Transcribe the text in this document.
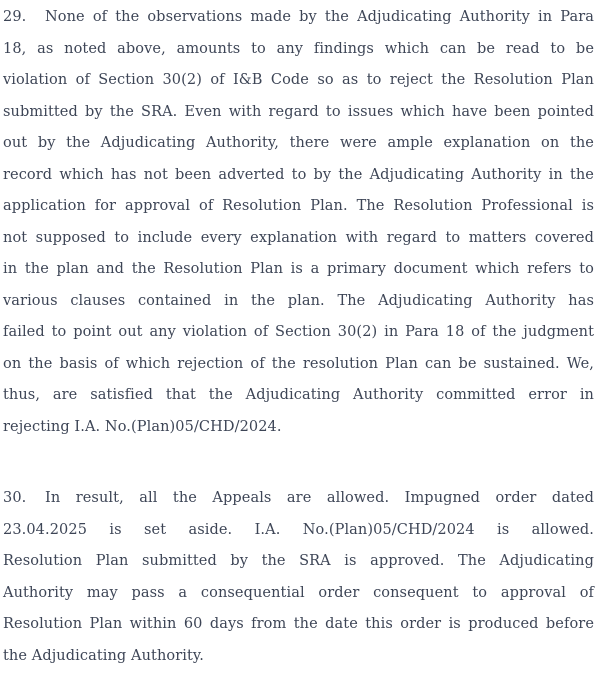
29. None of the observations made by the Adjudicating Authority in Para
18, as noted above, amounts to any findings which can be read to be
violation of Section 30(2) of I&B Code so as to reject the Resolution Plan
submitted by the SRA. Even with regard to issues which have been pointed
out by the Adjudicating Authority, there were ample explanation on the
record which has not been adverted to by the Adjudicating Authority in the
application for approval of Resolution Plan. The Resolution Professional is
not supposed to include every explanation with regard to matters covered
in the plan and the Resolution Plan is a primary document which refers to
various clauses contained in the plan. The Adjudicating Authority has
failed to point out any violation of Section 30(2) in Para 18 of the judgment
on the basis of which rejection of the resolution Plan can be sustained. We,
thus, are satisfied that the Adjudicating Authority committed error in
rejecting I.A. No.(Plan)05/CHD/2024.
30. In result, all the Appeals are allowed. Impugned order dated
23.04.2025 is set aside. I.A. No.(Plan)05/CHD/2024 is allowed.
Resolution Plan submitted by the SRA is approved. The Adjudicating
Authority may pass a consequential order consequent to approval of
Resolution Plan within 60 days from the date this order is produced before
the Adjudicating Authority.
